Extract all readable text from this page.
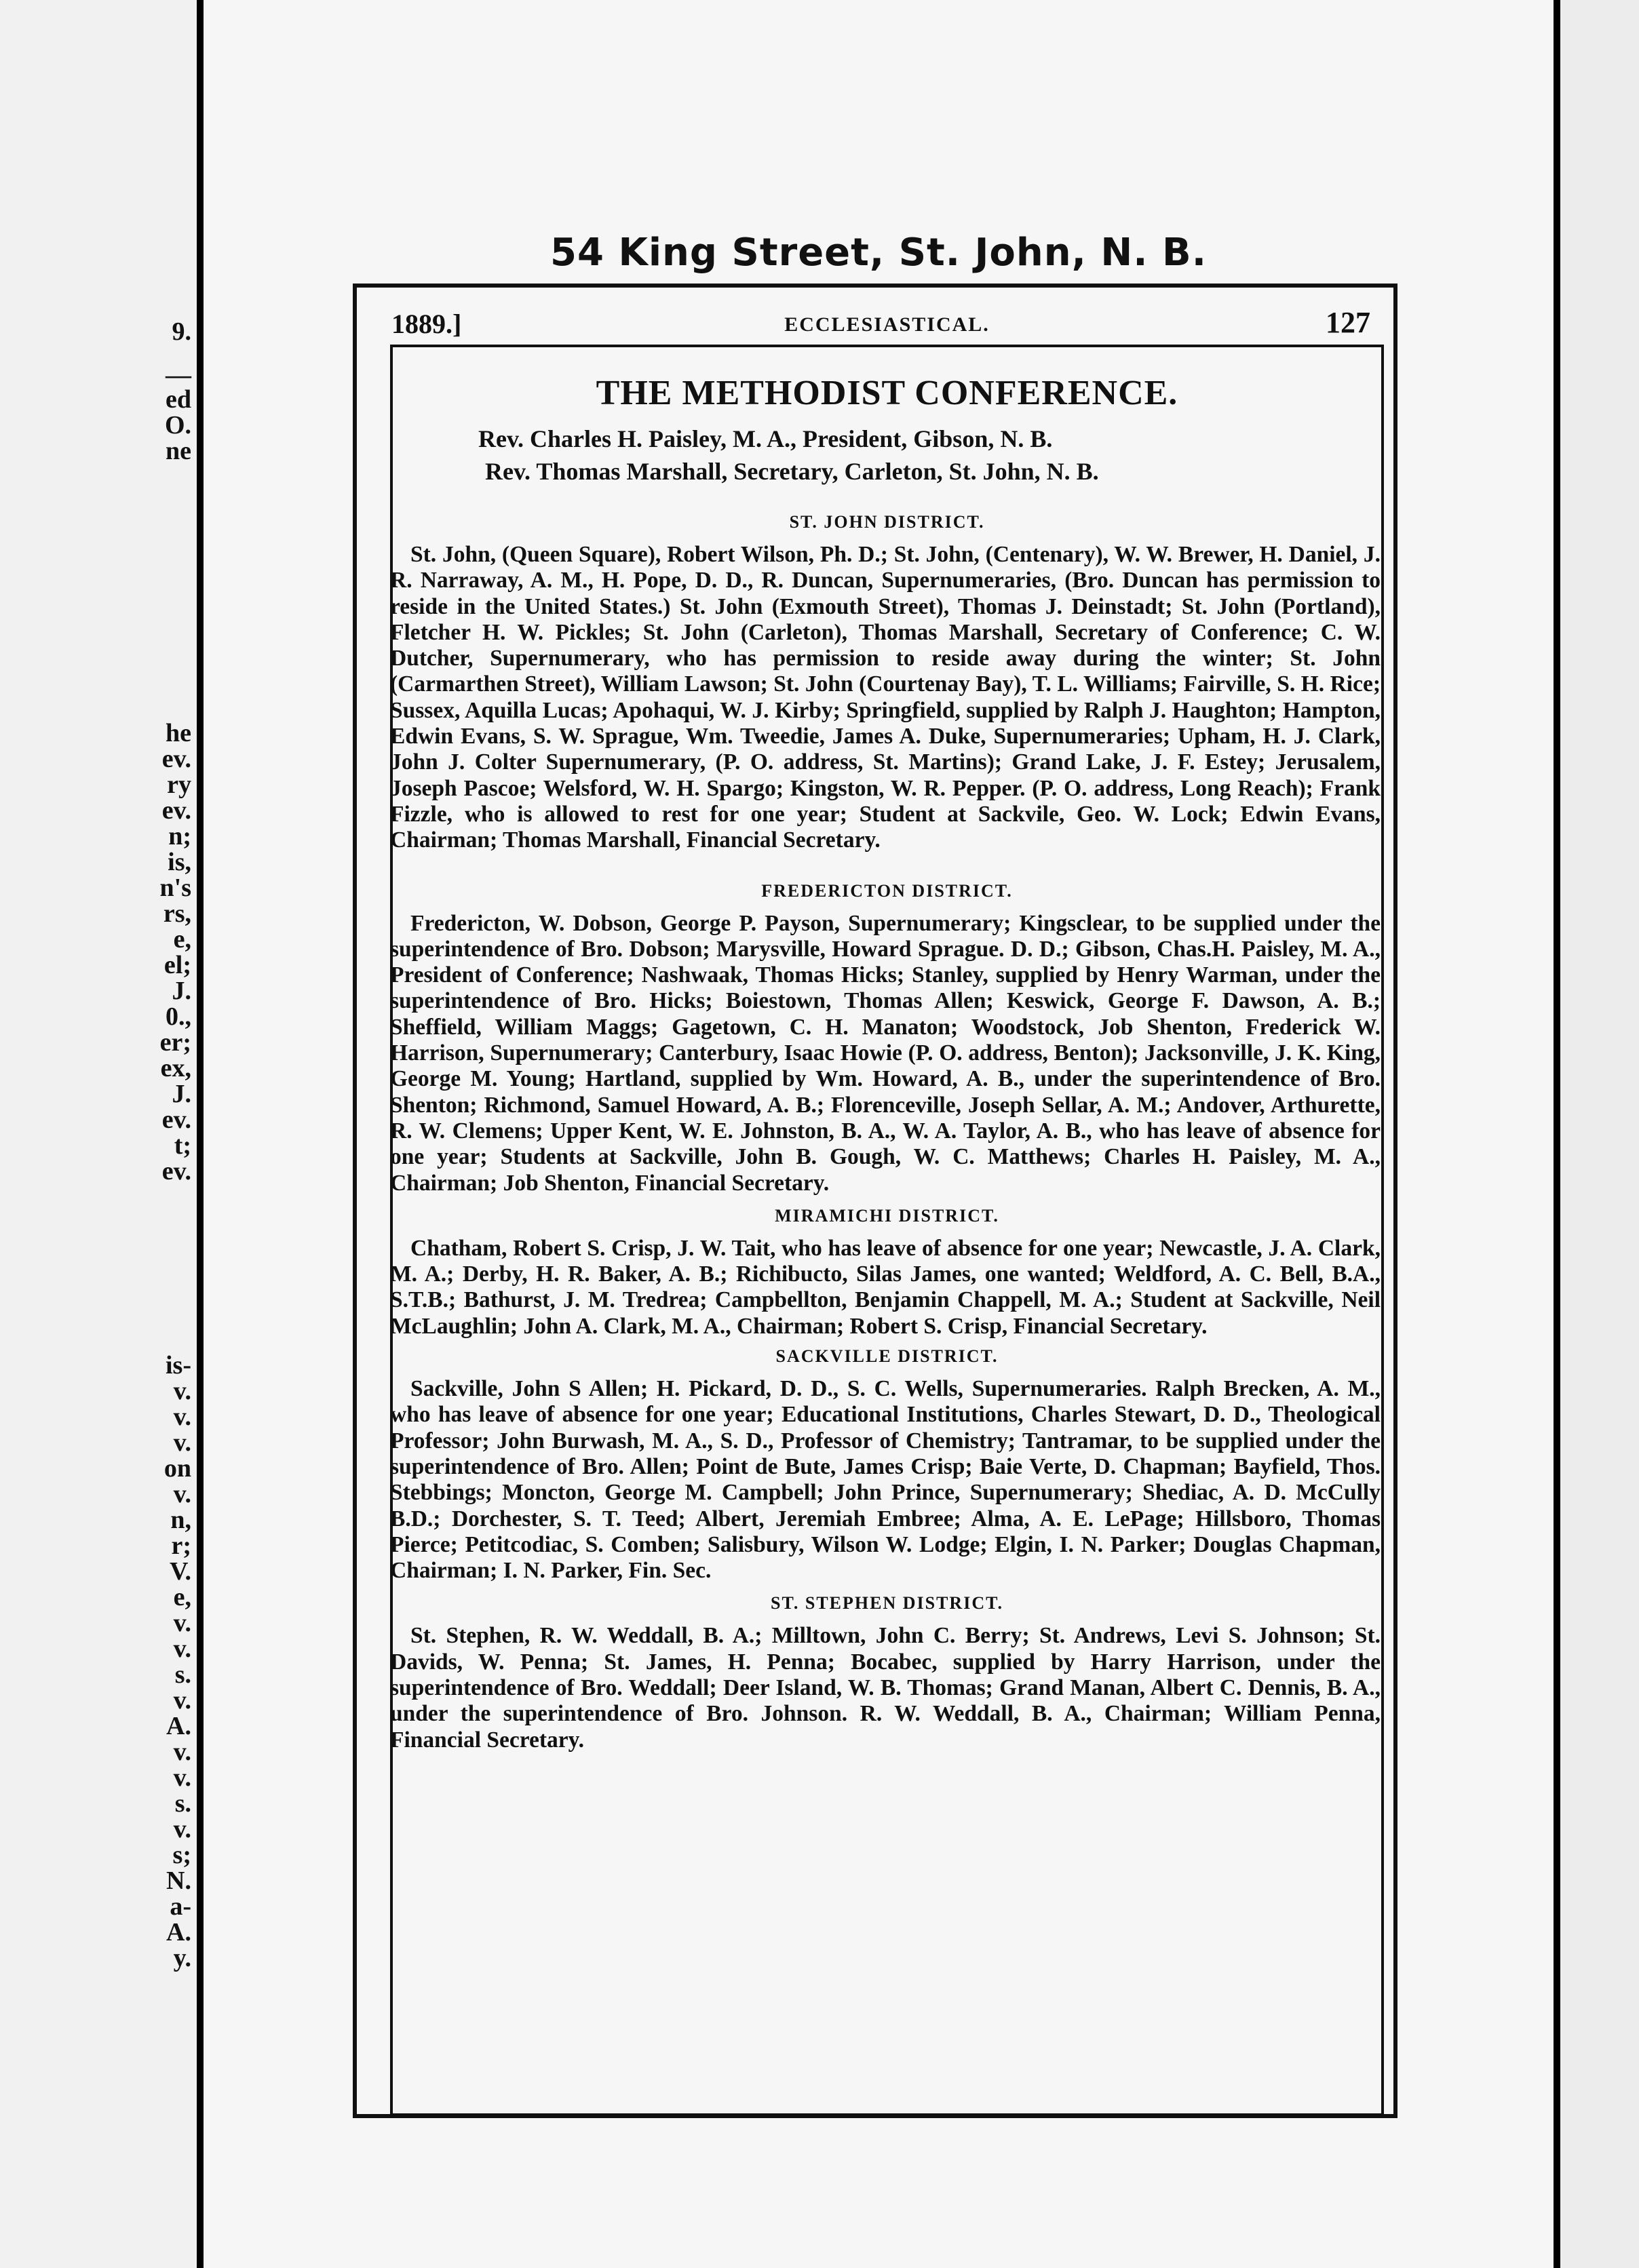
9.
—
ed
O.
ne
he
ev.
ry
ev.
n;
is,
n's
rs,
e,
el;
J.
0.,
er;
ex,
J.
ev.
t;
ev.
is-
v.
v.
v.
on
v.
n,
r;
V.
e,
v.
v.
s.
v.
A.
v.
v.
s.
v.
s;
N.
a-
A.
y.
54 King Street, St. John, N. B.
1889.]	ECCLESIASTICAL.	127
THE METHODIST CONFERENCE.
Rev. Charles H. Paisley, M. A., President, Gibson, N. B.
Rev. Thomas Marshall, Secretary, Carleton, St. John, N. B.
ST. JOHN DISTRICT.

St. John, (Queen Square), Robert Wilson, Ph. D.; St. John, (Centenary), W. W. Brewer, H. Daniel, J. R. Narraway, A. M., H. Pope, D. D., R. Duncan, Supernumeraries, (Bro. Duncan has permission to reside in the United States.) St. John (Exmouth Street), Thomas J. Deinstadt; St. John (Portland), Fletcher H. W. Pickles; St. John (Carleton), Thomas Marshall, Secretary of Conference; C. W. Dutcher, Supernumerary, who has permission to reside away during the winter; St. John (Carmarthen Street), William Lawson; St. John (Courtenay Bay), T. L. Williams; Fairville, S. H. Rice; Sussex, Aquilla Lucas; Apohaqui, W. J. Kirby; Springfield, supplied by Ralph J. Haughton; Hampton, Edwin Evans, S. W. Sprague, Wm. Tweedie, James A. Duke, Supernumeraries; Upham, H. J. Clark, John J. Colter Supernumerary, (P. O. address, St. Martins); Grand Lake, J. F. Estey; Jerusalem, Joseph Pascoe; Welsford, W. H. Spargo; Kingston, W. R. Pepper. (P. O. address, Long Reach); Frank Fizzle, who is allowed to rest for one year; Student at Sackvile, Geo. W. Lock; Edwin Evans, Chairman; Thomas Marshall, Financial Secretary.

FREDERICTON DISTRICT.

Fredericton, W. Dobson, George P. Payson, Supernumerary; Kingsclear, to be supplied under the superintendence of Bro. Dobson; Marysville, Howard Sprague. D. D.; Gibson, Chas.H. Paisley, M. A., President of Conference; Nashwaak, Thomas Hicks; Stanley, supplied by Henry Warman, under the superintendence of Bro. Hicks; Boiestown, Thomas Allen; Keswick, George F. Dawson, A. B.; Sheffield, William Maggs; Gagetown, C. H. Manaton; Woodstock, Job Shenton, Frederick W. Harrison, Supernumerary; Canterbury, Isaac Howie (P. O. address, Benton); Jacksonville, J. K. King, George M. Young; Hartland, supplied by Wm. Howard, A. B., under the superintendence of Bro. Shenton; Richmond, Samuel Howard, A. B.; Florenceville, Joseph Sellar, A. M.; Andover, Arthurette, R. W. Clemens; Upper Kent, W. E. Johnston, B. A., W. A. Taylor, A. B., who has leave of absence for one year; Students at Sackville, John B. Gough, W. C. Matthews; Charles H. Paisley, M. A., Chairman; Job Shenton, Financial Secretary.

MIRAMICHI DISTRICT.

Chatham, Robert S. Crisp, J. W. Tait, who has leave of absence for one year; Newcastle, J. A. Clark, M. A.; Derby, H. R. Baker, A. B.; Richibucto, Silas James, one wanted; Weldford, A. C. Bell, B.A., S.T.B.; Bathurst, J. M. Tredrea; Campbellton, Benjamin Chappell, M. A.; Student at Sackville, Neil McLaughlin; John A. Clark, M. A., Chairman; Robert S. Crisp, Financial Secretary.

SACKVILLE DISTRICT.

Sackville, John S Allen; H. Pickard, D. D., S. C. Wells, Supernumeraries. Ralph Brecken, A. M., who has leave of absence for one year; Educational Institutions, Charles Stewart, D. D., Theological Professor; John Burwash, M. A., S. D., Professor of Chemistry; Tantramar, to be supplied under the superintendence of Bro. Allen; Point de Bute, James Crisp; Baie Verte, D. Chapman; Bayfield, Thos. Stebbings; Moncton, George M. Campbell; John Prince, Supernumerary; Shediac, A. D. McCully B.D.; Dorchester, S. T. Teed; Albert, Jeremiah Embree; Alma, A. E. LePage; Hillsboro, Thomas Pierce; Petitcodiac, S. Comben; Salisbury, Wilson W. Lodge; Elgin, I. N. Parker; Douglas Chapman, Chairman; I. N. Parker, Fin. Sec.

ST. STEPHEN DISTRICT.

St. Stephen, R. W. Weddall, B. A.; Milltown, John C. Berry; St. Andrews, Levi S. Johnson; St. Davids, W. Penna; St. James, H. Penna; Bocabec, supplied by Harry Harrison, under the superintendence of Bro. Weddall; Deer Island, W. B. Thomas; Grand Manan, Albert C. Dennis, B. A., under the superintendence of Bro. Johnson. R. W. Weddall, B. A., Chairman; William Penna, Financial Secretary.
